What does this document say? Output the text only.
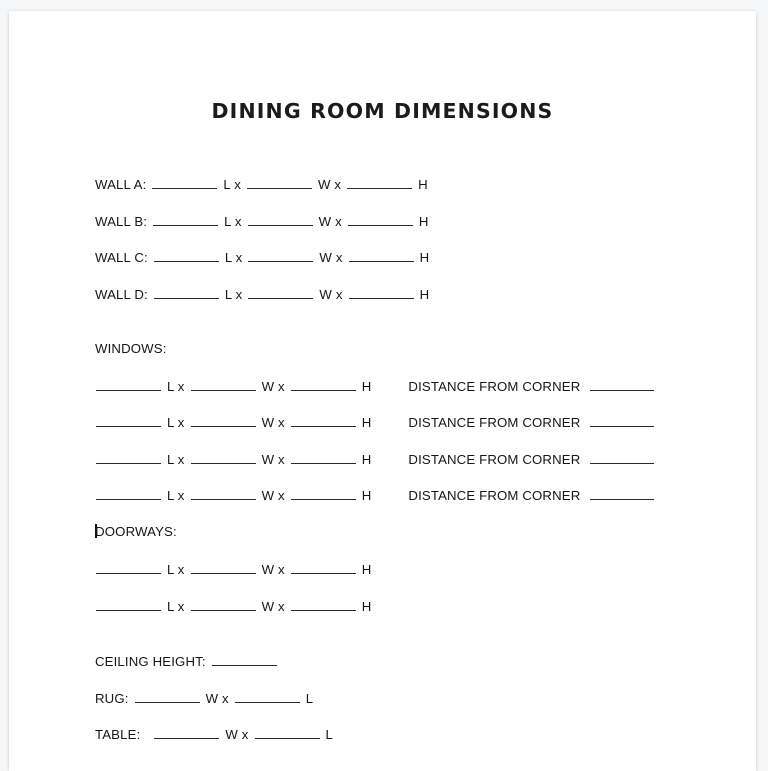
DINING ROOM DIMENSIONS
WALL A:	L x	W x	H
WALL B:	L x	W x	H
WALL C:	L x	W x	H
WALL D:	L x	W x	H
WINDOWS:
L x	W x	H	DISTANCE FROM CORNER
L x	W x	H	DISTANCE FROM CORNER
L x	W x	H	DISTANCE FROM CORNER
L x	W x	H	DISTANCE FROM CORNER
DOORWAYS:
L x	W x	H
L x	W x	H
CEILING HEIGHT:
RUG:	W x	L
TABLE:	W x	L
